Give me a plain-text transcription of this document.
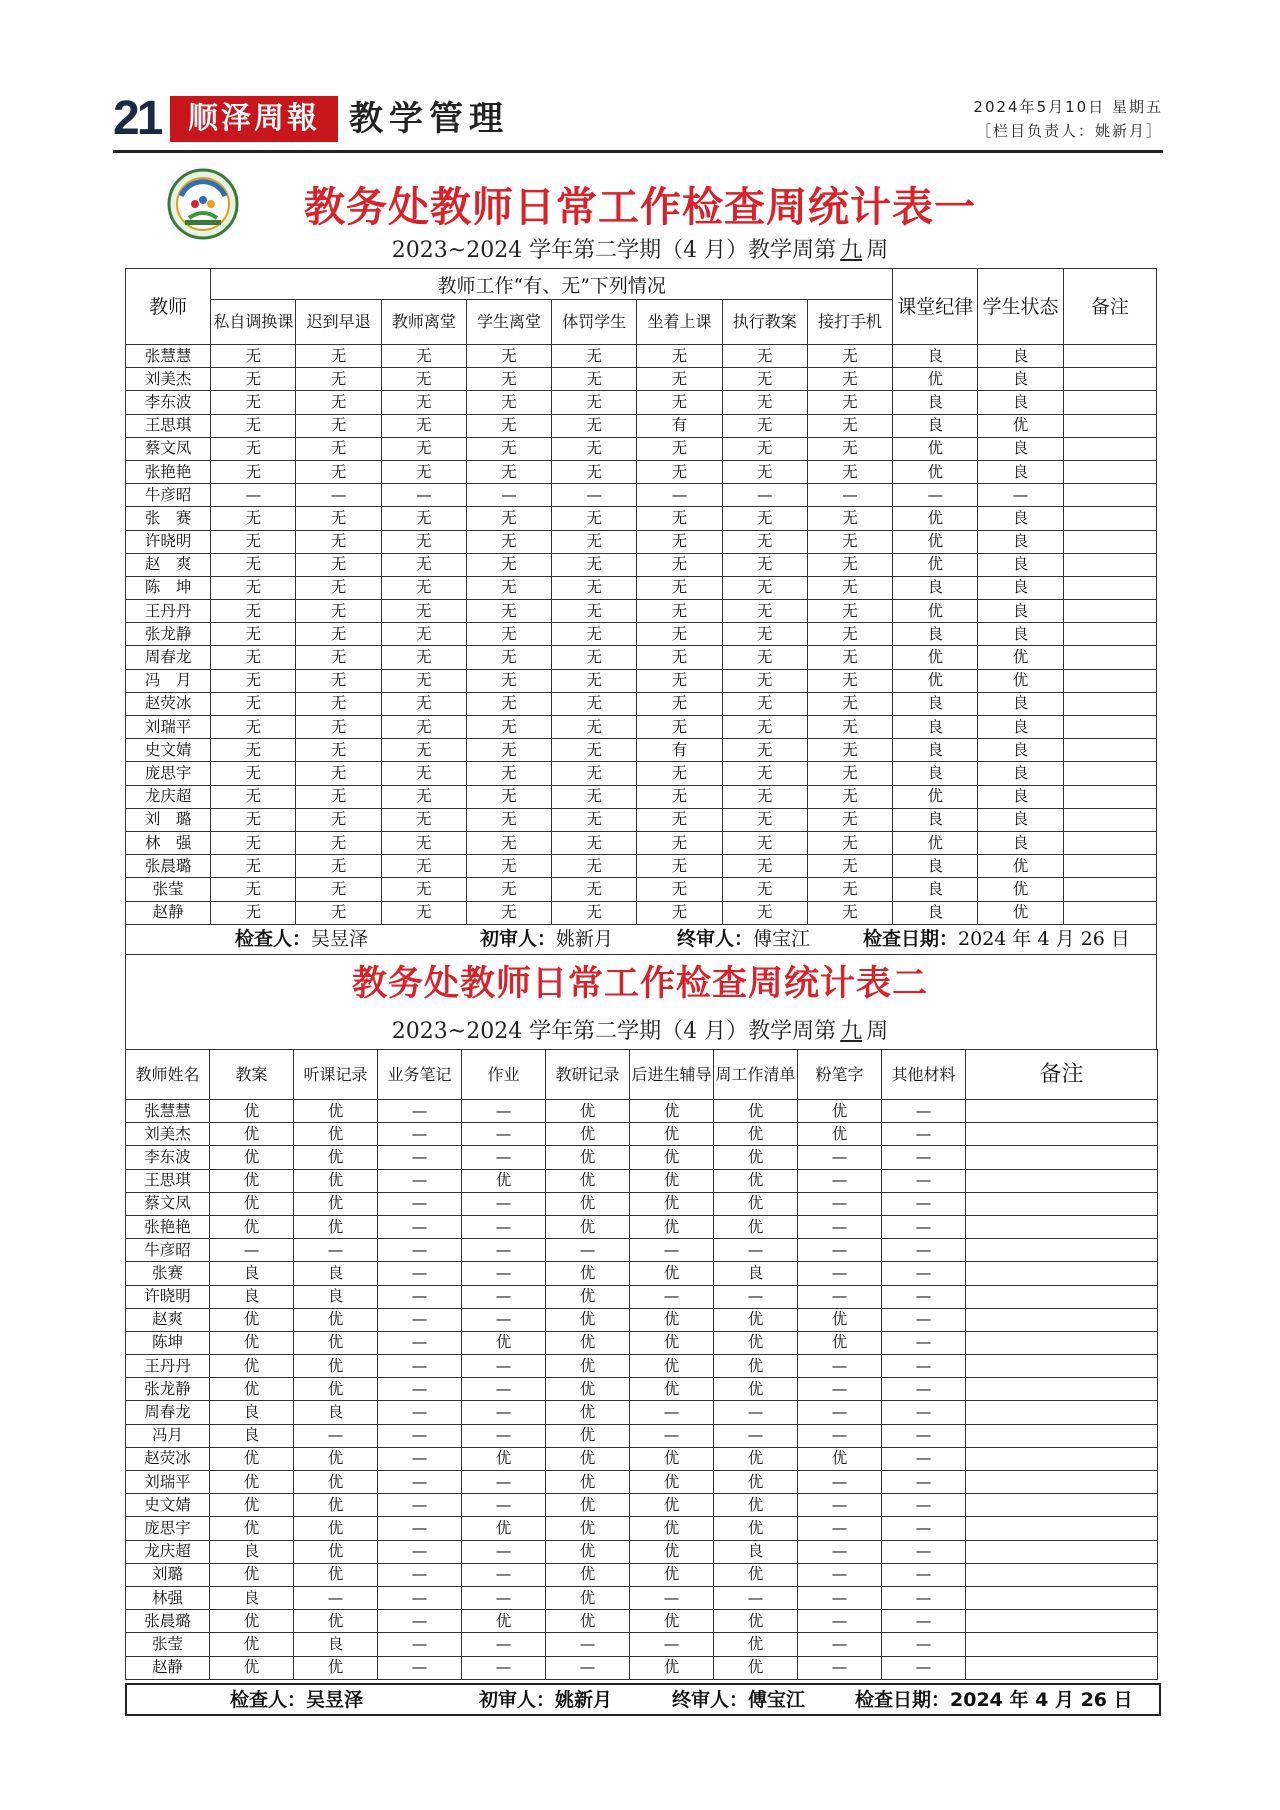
21 顺泽周報 教学管理	2024年5月10日 星期五
［栏目负责人：姚新月］
教务处教师日常工作检查周统计表一
2023~2024 学年第二学期（4 月）教学周第 九 周
教师	教师工作“有、无”下列情况								课堂纪律	学生状态	备注
	私自调换课	迟到早退	教师离堂	学生离堂	体罚学生	坐着上课	执行教案	接打手机			
张慧慧	无	无	无	无	无	无	无	无	良	良	
刘美杰	无	无	无	无	无	无	无	无	优	良	
李东波	无	无	无	无	无	无	无	无	良	良	
王思琪	无	无	无	无	无	有	无	无	良	优	
蔡文凤	无	无	无	无	无	无	无	无	优	良	
张艳艳	无	无	无	无	无	无	无	无	优	良	
牛彦昭	—	—	—	—	—	—	—	—	—	—	
张　赛	无	无	无	无	无	无	无	无	优	良	
许晓明	无	无	无	无	无	无	无	无	优	良	
赵　爽	无	无	无	无	无	无	无	无	优	良	
陈　坤	无	无	无	无	无	无	无	无	良	良	
王丹丹	无	无	无	无	无	无	无	无	优	良	
张龙静	无	无	无	无	无	无	无	无	良	良	
周春龙	无	无	无	无	无	无	无	无	优	优	
冯　月	无	无	无	无	无	无	无	无	优	优	
赵荧冰	无	无	无	无	无	无	无	无	良	良	
刘瑞平	无	无	无	无	无	无	无	无	良	良	
史文婧	无	无	无	无	无	有	无	无	良	良	
庞思宇	无	无	无	无	无	无	无	无	良	良	
龙庆超	无	无	无	无	无	无	无	无	优	良	
刘　璐	无	无	无	无	无	无	无	无	良	良	
林　强	无	无	无	无	无	无	无	无	优	良	
张晨璐	无	无	无	无	无	无	无	无	良	优	
张莹	无	无	无	无	无	无	无	无	良	优	
赵静	无	无	无	无	无	无	无	无	良	优	
检查人：吴昱泽	初审人：姚新月	终审人：傅宝江	检查日期：2024 年 4 月 26 日
教务处教师日常工作检查周统计表二
2023~2024 学年第二学期（4 月）教学周第 九 周
教师姓名	教案	听课记录	业务笔记	作业	教研记录	后进生辅导	周工作清单	粉笔字	其他材料	备注
张慧慧	优	优	—	—	优	优	优	优	—	
刘美杰	优	优	—	—	优	优	优	优	—	
李东波	优	优	—	—	优	优	优	—	—	
王思琪	优	优	—	优	优	优	优	—	—	
蔡文凤	优	优	—	—	优	优	优	—	—	
张艳艳	优	优	—	—	优	优	优	—	—	
牛彦昭	—	—	—	—	—	—	—	—	—	
张赛	良	良	—	—	优	优	良	—	—	
许晓明	良	良	—	—	优	—	—	—	—	
赵爽	优	优	—	—	优	优	优	优	—	
陈坤	优	优	—	优	优	优	优	优	—	
王丹丹	优	优	—	—	优	优	优	—	—	
张龙静	优	优	—	—	优	优	优	—	—	
周春龙	良	良	—	—	优	—	—	—	—	
冯月	良	—	—	—	优	—	—	—	—	
赵荧冰	优	优	—	优	优	优	优	优	—	
刘瑞平	优	优	—	—	优	优	优	—	—	
史文婧	优	优	—	—	优	优	优	—	—	
庞思宇	优	优	—	优	优	优	优	—	—	
龙庆超	良	优	—	—	优	优	良	—	—	
刘璐	优	优	—	—	优	优	优	—	—	
林强	良	—	—	—	优	—	—	—	—	
张晨璐	优	优	—	优	优	优	优	—	—	
张莹	优	良	—	—	—	—	优	—	—	
赵静	优	优	—	—	—	优	优	—	—	
检查人：吴昱泽	初审人：姚新月	终审人：傅宝江	检查日期：2024 年 4 月 26 日
